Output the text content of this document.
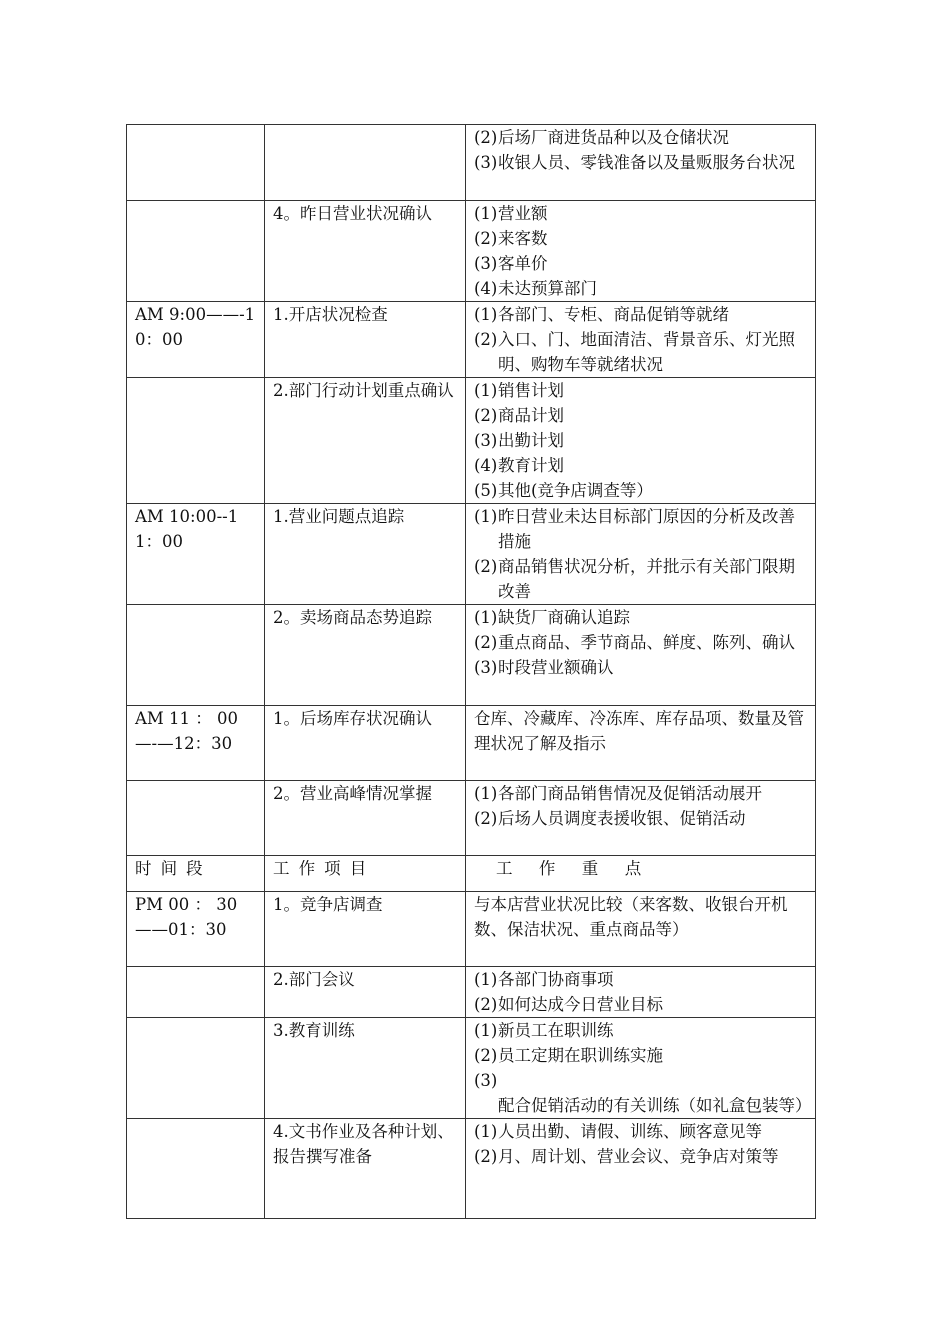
		(2)后场厂商进货品种以及仓储状况
(3)收银人员、零钱准备以及量贩服务台状况

	4。昨日营业状况确认	(1)营业额
(2)来客数
(3)客单价
(4)未达预算部门

AM 9:00——-10：00	1.开店状况检查	(1)各部门、专柜、商品促销等就绪
(2)入口、门、地面清洁、背景音乐、灯光照明、购物车等就绪状况

	2.部门行动计划重点确认	(1)销售计划
(2)商品计划
(3)出勤计划
(4)教育计划
(5)其他(竞争店调查等）

AM 10:00--11：00	1.营业问题点追踪	(1)昨日营业未达目标部门原因的分析及改善措施
(2)商品销售状况分析，并批示有关部门限期改善

	2。卖场商品态势追踪	(1)缺货厂商确认追踪
(2)重点商品、季节商品、鲜度、陈列、确认
(3)时段营业额确认

AM 11 ： 00—-—12：30	1。后场库存状况确认	仓库、冷藏库、冷冻库、库存品项、数量及管理状况了解及指示
	2。营业高峰情况掌握	(1)各部门商品销售情况及促销活动展开
(2)后场人员调度表援收银、促销活动

时间段	工作项目	工作重点
PM 00 ： 30——01：30	1。竞争店调查	与本店营业状况比较（来客数、收银台开机数、保洁状况、重点商品等）
	2.部门会议	(1)各部门协商事项
(2)如何达成今日营业目标

	3.教育训练	(1)新员工在职训练
(2)员工定期在职训练实施
(3)配合促销活动的有关训练（如礼盒包装等）

	4.文书作业及各种计划、报告撰写准备	(1)人员出勤、请假、训练、顾客意见等
(2)月、周计划、营业会议、竞争店对策等
